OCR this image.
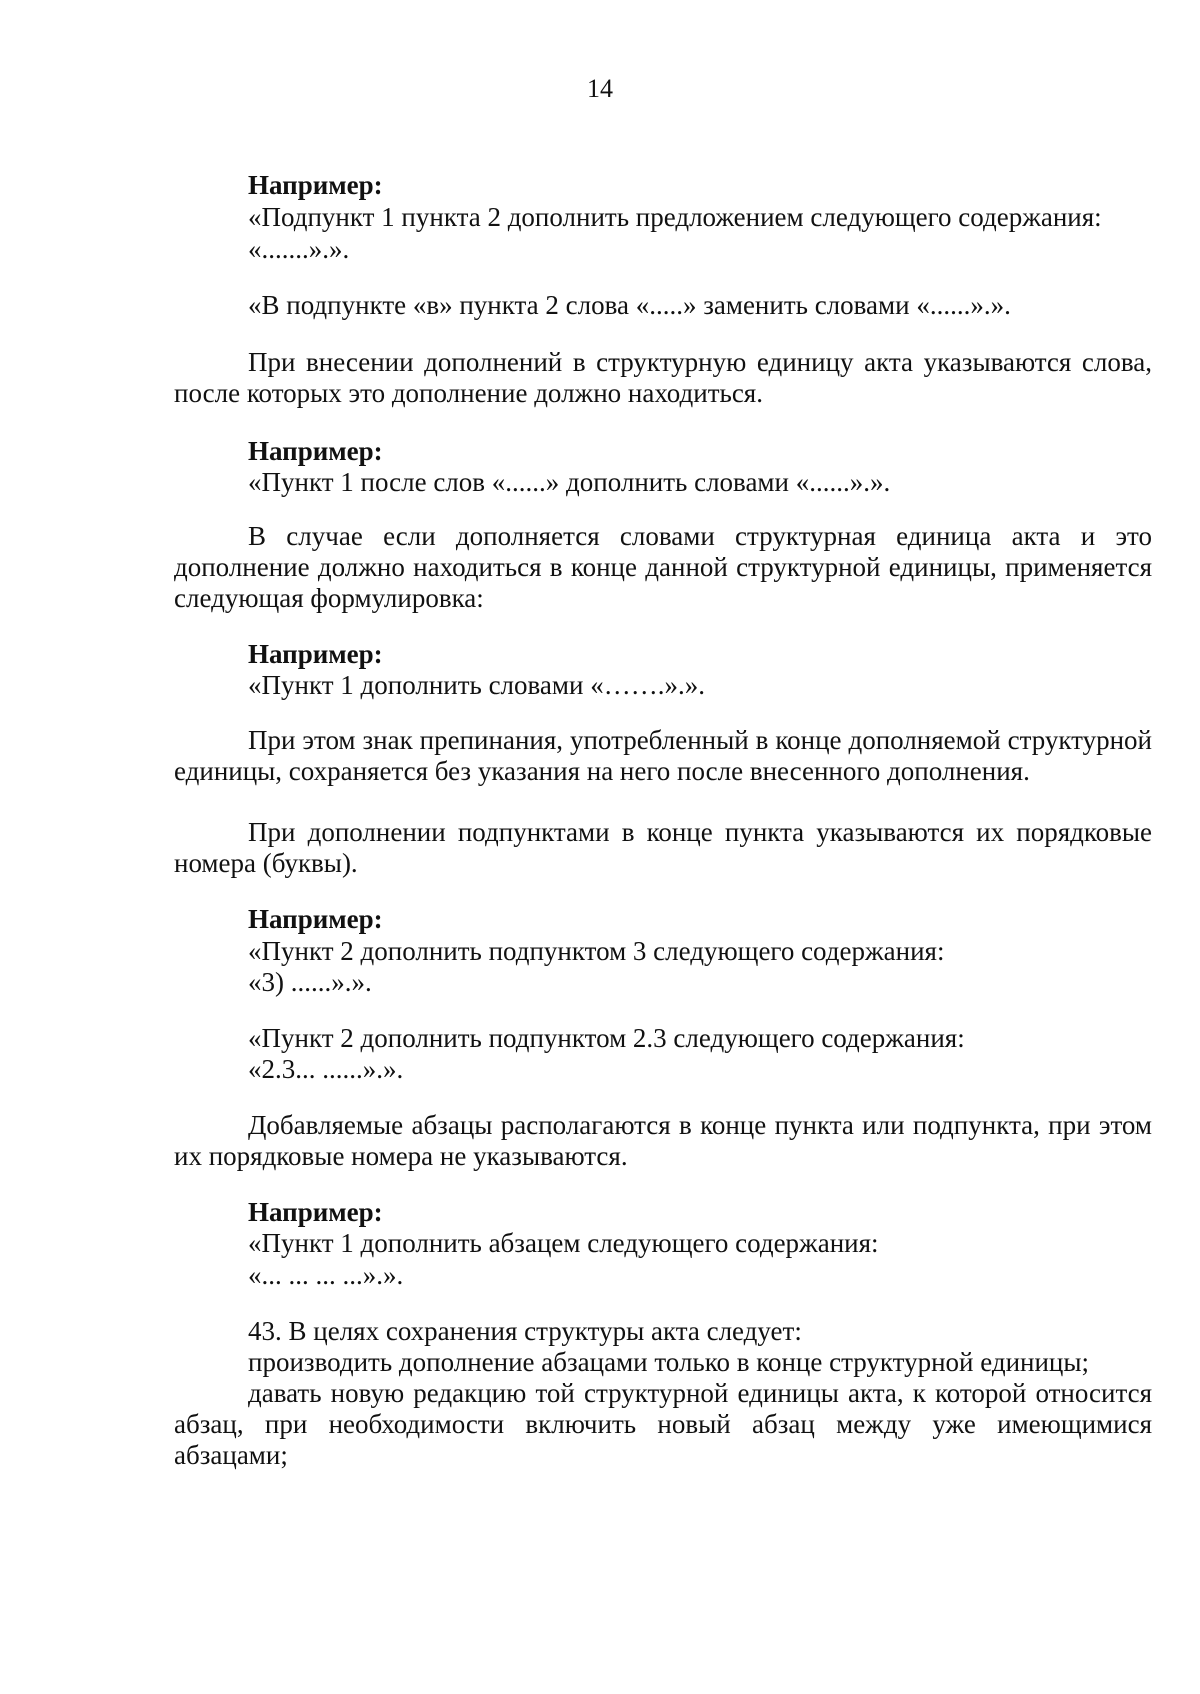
14

Например:

«Подпункт 1 пункта 2 дополнить предложением следующего содержания:

«.......».».

«В подпункте «в» пункта 2 слова «.....» заменить словами «......».».

При внесении дополнений в структурную единицу акта указываются слова, после которых это дополнение должно находиться.

Например:

«Пункт 1 после слов «......» дополнить словами «......».».

В случае если дополняется словами структурная единица акта и это дополнение должно находиться в конце данной структурной единицы, применяется следующая формулировка:

Например:

«Пункт 1 дополнить словами «…….».».

При этом знак препинания, употребленный в конце дополняемой структурной единицы, сохраняется без указания на него после внесенного дополнения.

При дополнении подпунктами в конце пункта указываются их порядковые номера (буквы).

Например:

«Пункт 2 дополнить подпунктом 3 следующего содержания:

«3) ......».».

«Пункт 2 дополнить подпунктом 2.3 следующего содержания:

«2.3... ......».».

Добавляемые абзацы располагаются в конце пункта или подпункта, при этом их порядковые номера не указываются.

Например:

«Пункт 1 дополнить абзацем следующего содержания:

«... ... ... ...».».

43. В целях сохранения структуры акта следует:

производить дополнение абзацами только в конце структурной единицы;

давать новую редакцию той структурной единицы акта, к которой относится абзац, при необходимости включить новый абзац между уже имеющимися абзацами;
